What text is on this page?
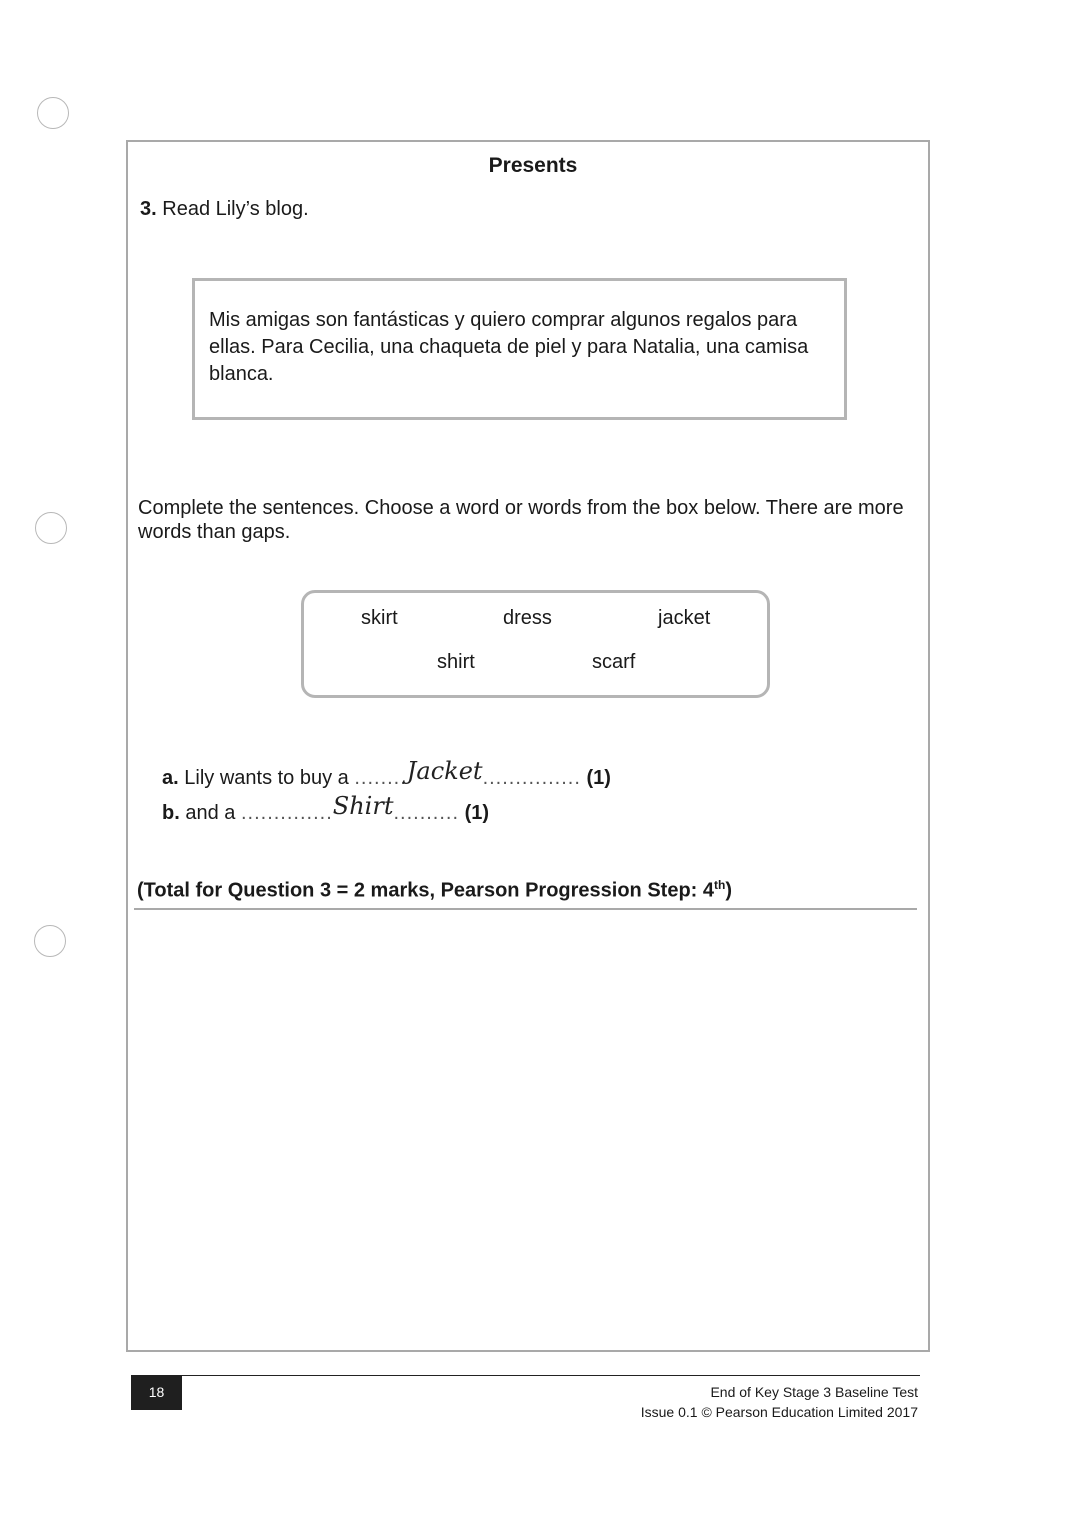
Presents
3. Read Lily’s blog.
Mis amigas son fantásticas y quiero comprar algunos regalos para ellas. Para Cecilia, una chaqueta de piel y para Natalia, una camisa blanca.
Complete the sentences. Choose a word or words from the box below. There are more words than gaps.
skirt	dress	jacket
shirt	scarf
a. Lily wants to buy a ........Jacket............... (1)
b. and a ..............Shirt.......... (1)
(Total for Question 3 = 2 marks, Pearson Progression Step: 4th)
18	End of Key Stage 3 Baseline Test
Issue 0.1 © Pearson Education Limited 2017
